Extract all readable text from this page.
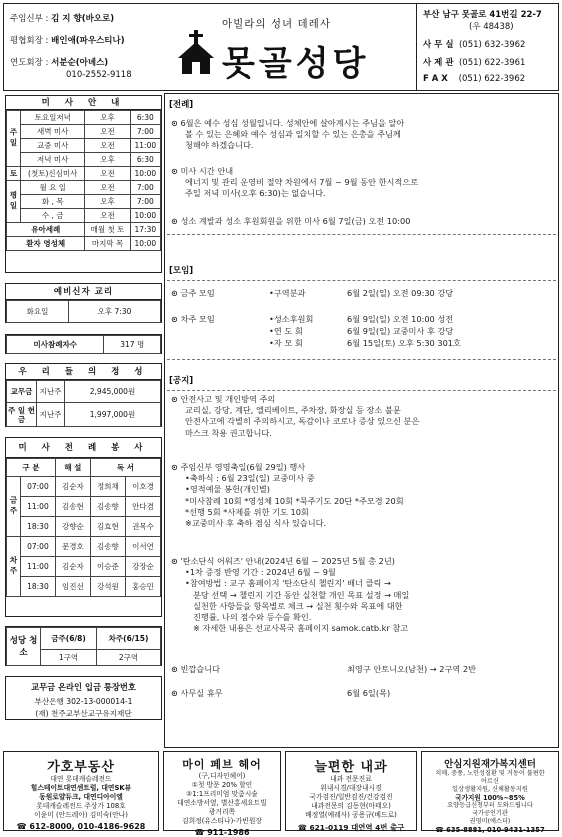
주임신부 : 김 지 향(바오로)
평협회장 : 배인애(파우스티나)
연도회장 : 서분순(아녜스)
010-2552-9118
아빌라의 성녀 데레사
못골성당
부산 남구 못골로 41번길 22-7
(우 48438)
사 무 실 (051) 632-3962
사 제 관 (051) 622-3961
F A X (051) 622-3962
미 사 안 내
주일	토요일저녁	오후	6:30
	새벽 미사	오전	7:00
	교중 미사	오전	11:00
	저녁 미사	오후	6:30
토	(첫토)신심미사	오전	10:00
평일	월 요 일	오전	7:00
	화 , 목	오후	7:00
	수 , 금	오전	10:00
유아세례		매월 첫 토	17:30
환자 영성체		마지막 목	10:00
예비신자 교리
화요일	오후 7:30
미사참례자수	317 명
우 리 들 의 정 성
교무금	지난주	2,945,000원
주 일 헌 금	지난주	1,997,000원
미 사 전 례 봉 사
구 분		해 설	독 서	
금주	07:00	김순자	정희채	이호경
	11:00	김송현	김송향	안다겸
	18:30	강향순	김효현	권목수
차주	07:00	문경호	김송향	이서연
	11:00	김순자	이승준	강장순
	18:30	임진선	강석원	홍승민
성당 청소	금주(6/8)	차주(6/15)
	1구역	2구역
교무금 온라인 입금 통장번호
부산은행 302-13-000014-1
(재) 천주교부산교구유지재단
[전례]
⊙ 6월은 예수 성심 성월입니다. 성체안에 살아계시는 주님을 알아
볼 수 있는 은혜와 예수 성심과 일치할 수 있는 은총을 주님께
청해야 하겠습니다.
⊙ 미사 시간 안내
에너지 및 관리 운영비 절약 차원에서 7월 ~ 9월 동안 한시적으로
주일 저녁 미사(오후 6:30)는 없습니다.
⊙ 성소 계발과 성소 후원회원을 위한 미사 6월 7일(금) 오전 10:00
[모임]
⊙ 금주 모임	•구역분과	6월 2일(일) 오전 09:30 강당
⊙ 차주 모임	•성소후원회	6월 9일(일) 오전 10:00 성전
•연 도 회	6월 9일(일) 교중미사 후 강당
•자 모 회	6월 15일(토) 오후 5:30 301호
[공지]
⊙ 안전사고 및 개인방역 주의
교리실, 강당, 계단, 엘리베이트, 주차장, 화장실 등 장소 불문
안전사고에 각별히 주의하시고, 독감이나 코로나 증상 있으신 분은
마스크 착용 권고합니다.
⊙ 주임신부 영명축일(6월 29일) 행사
•축하식 : 6월 23일(일) 교중미사 중
•영적예물 봉헌(개인별)
*미사참례 10회 *영성체 10회 *묵주기도 20단 *주모경 20회
*선행 5회 *사제를 위한 기도 10회
※교중미사 후 축하 겸심 식사 있습니다.
⊙ '탄소단식 어워즈' 안내(2024년 6월 ~ 2025년 5월 총 2년)
•1차 증정 반영 기간 : 2024년 6월 ~ 9월
•참여방법 : 교구 홈페이지 '탄소단식 챌린지' 배너 클릭 →
분당 선택 → 챌린지 기간 동안 실천할 개인 목표 설정 → 매일
실천한 사항들을 항목별로 체크 → 실천 횟수와 목표에 대한
진행률, 나의 점수와 등수를 확인.
※ 자세한 내용은 선교사목국 홈페이지 samok.catb.kr 참고
⊙ 빈깝습니다	최영구 안토니오(남천) → 2구역 2반
⊙ 사무실 휴무	6월 6일(목)
가호부동산
대연 롯데캐슬레전드
힐스테이트대연센트럴, 대연SK뷰
동원로얄듀크, 대연디아이엘
롯데캐슬레전드 주상가 108호
이윤미 (안드레아) 김미숙(안나)
☎ 612-8000, 010-4186-9628
마이 페브 헤어
(구,디자인헤어)
①첫 방문 20% 할인
②1:1프리미엄 맞춤시술
대연소방서옆, 별산홍세요트빌
광거리쪽
김희정(유스티나)-가빈원장
☎ 911-1986
늘편한 내과
내과 전문진료
위내시경/대장내시경
국가검진/일반검진/건강검진
내과전문의 김동현(마태오)
배정열(예레사) 공용규(베드로)
☎ 621-0119 대연역 4번 출구
안심지원재가복지센터
치매, 중풍, 노인성질환 및 거동이 불편한
어르신
일상생활지원, 신체활동지원
국가지원 100%~85%
요양등급신청부터 도와드립니다
국가공인기관
권영미(에스더)
☎ 635-8881, 010-9431-1357
